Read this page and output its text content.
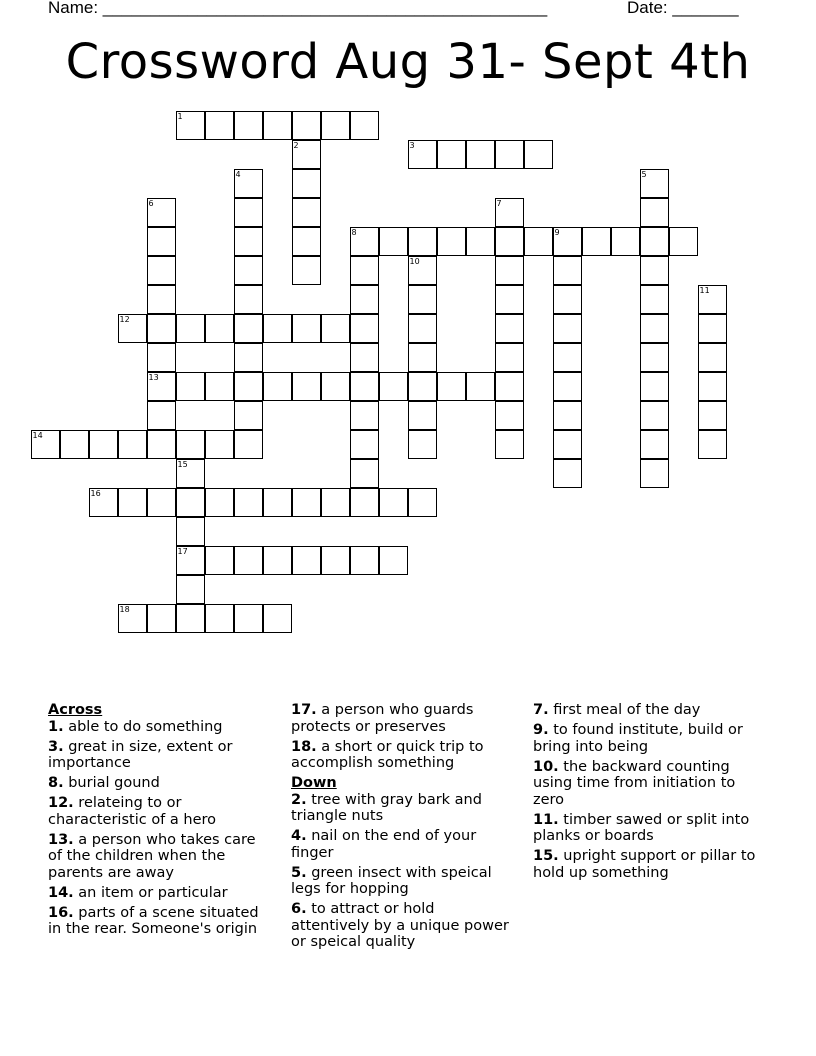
Name: _______________________________________________	Date: _______
Crossword Aug 31- Sept 4th
1
2	3
4	5
6	7
8	9
10
11
12
13
14
15
16
17
18
Across
1. able to do something
3. great in size, extent or importance
8. burial gound
12. relateing to or characteristic of a hero
13. a person who takes care of the children when the parents are away
14. an item or particular
16. parts of a scene situated in the rear. Someone's origin
17. a person who guards protects or preserves
18. a short or quick trip to accomplish something
Down
2. tree with gray bark and triangle nuts
4. nail on the end of your finger
5. green insect with speical legs for hopping
6. to attract or hold attentively by a unique power or speical quality
7. first meal of the day
9. to found institute, build or bring into being
10. the backward counting using time from initiation to zero
11. timber sawed or split into planks or boards
15. upright support or pillar to hold up something
